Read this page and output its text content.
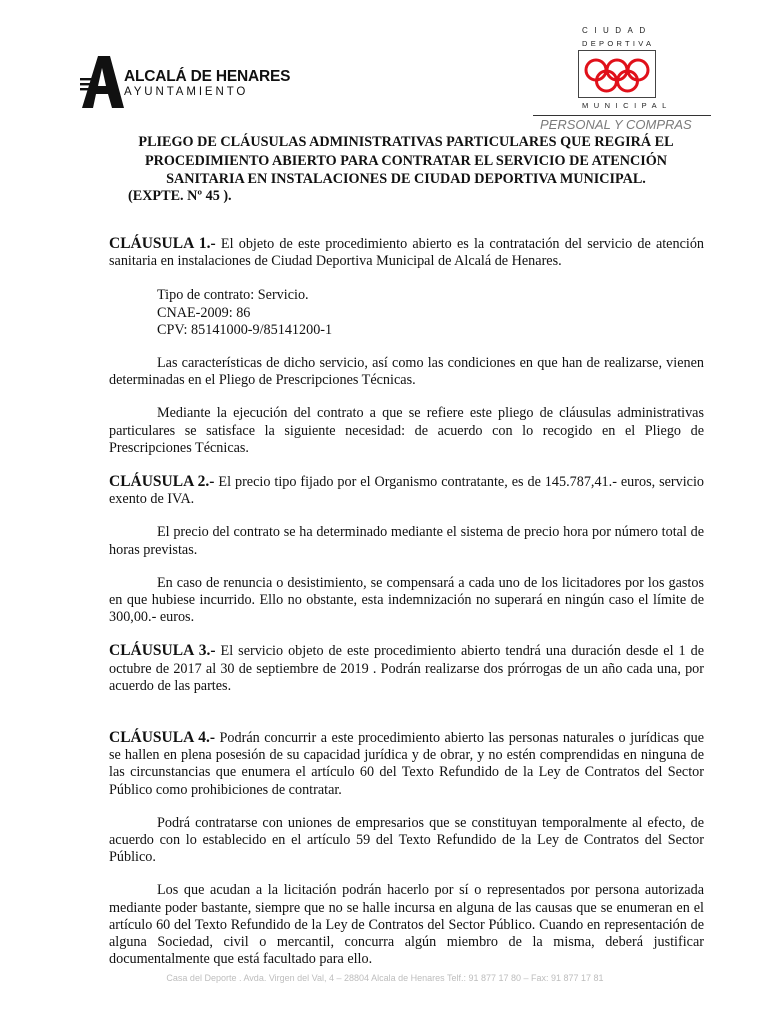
ALCALÁ DE HENARES
AYUNTAMIENTO
CIUDAD
DEPORTIVA
MUNICIPAL
PERSONAL Y COMPRAS
PLIEGO DE CLÁUSULAS ADMINISTRATIVAS PARTICULARES QUE REGIRÁ EL
PROCEDIMIENTO ABIERTO PARA CONTRATAR EL SERVICIO DE ATENCIÓN
SANITARIA EN INSTALACIONES DE CIUDAD DEPORTIVA MUNICIPAL.
(EXPTE. Nº 45 ).

CLÁUSULA 1.- El objeto de este procedimiento abierto es la contratación del servicio de atención sanitaria en instalaciones de Ciudad Deportiva Municipal de Alcalá de Henares.

Tipo de contrato: Servicio.
CNAE-2009: 86
CPV: 85141000-9/85141200-1

Las características de dicho servicio, así como las condiciones en que han de realizarse, vienen determinadas en el Pliego de Prescripciones Técnicas.

Mediante la ejecución del contrato a que se refiere este pliego de cláusulas administrativas particulares se satisface la siguiente necesidad: de acuerdo con lo recogido en el Pliego de Prescripciones Técnicas.

CLÁUSULA 2.- El precio tipo fijado por el Organismo contratante, es de 145.787,41.- euros, servicio exento de IVA.

El precio del contrato se ha determinado mediante el sistema de precio hora por número total de horas previstas.

En caso de renuncia o desistimiento, se compensará a cada uno de los licitadores por los gastos en que hubiese incurrido. Ello no obstante, esta indemnización no superará en ningún caso el límite de 300,00.- euros.

CLÁUSULA 3.- El servicio objeto de este procedimiento abierto tendrá una duración desde el 1 de octubre de 2017 al 30 de septiembre de 2019 . Podrán realizarse dos prórrogas de un año cada una, por acuerdo de las partes.

CLÁUSULA 4.- Podrán concurrir a este procedimiento abierto las personas naturales o jurídicas que se hallen en plena posesión de su capacidad jurídica y de obrar, y no estén comprendidas en ninguna de las circunstancias que enumera el artículo 60 del Texto Refundido de la Ley de Contratos del Sector Público como prohibiciones de contratar.

Podrá contratarse con uniones de empresarios que se constituyan temporalmente al efecto, de acuerdo con lo establecido en el artículo 59 del Texto Refundido de la Ley de Contratos del Sector Público.

Los que acudan a la licitación podrán hacerlo por sí o representados por persona autorizada mediante poder bastante, siempre que no se halle incursa en alguna de las causas que se enumeran en el artículo 60 del Texto Refundido de la Ley de Contratos del Sector Público. Cuando en representación de alguna Sociedad, civil o mercantil, concurra algún miembro de la misma, deberá justificar documentalmente que está facultado para ello.

Casa del Deporte . Avda. Virgen del Val, 4 – 28804 Alcala de Henares Telf.: 91 877 17 80 – Fax: 91 877 17 81
